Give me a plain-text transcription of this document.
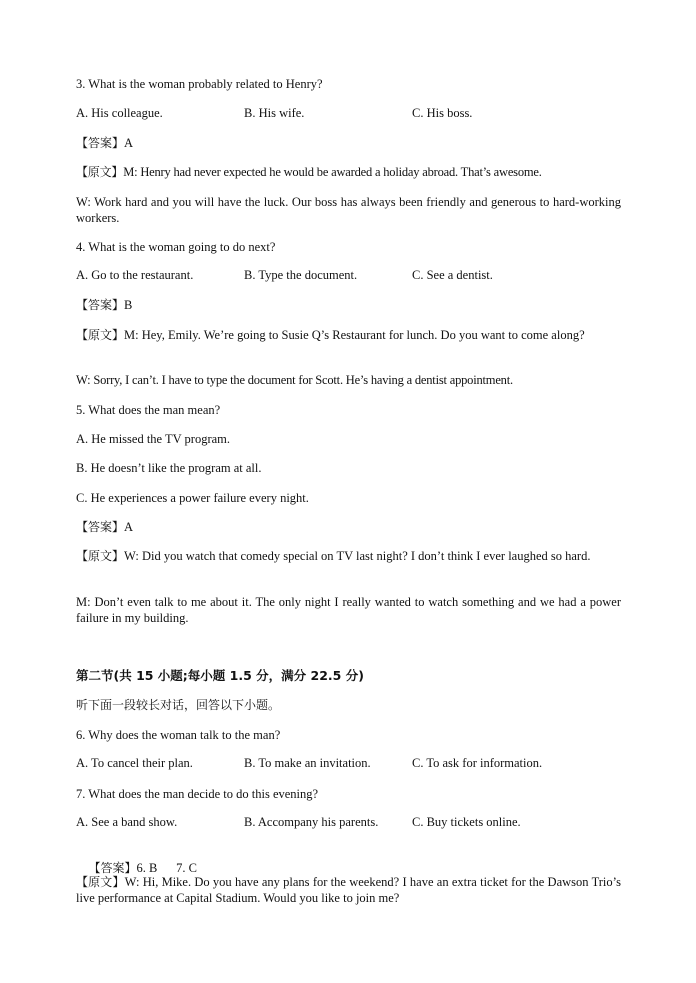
3. What is the woman probably related to Henry?
A. His colleague.	B. His wife.	C. His boss.
【答案】A
【原文】M: Henry had never expected he would be awarded a holiday abroad. That’s awesome.
W: Work hard and you will have the luck. Our boss has always been friendly and generous to hard-working workers.
4. What is the woman going to do next?
A. Go to the restaurant.	B. Type the document.	C. See a dentist.
【答案】B
【原文】M: Hey, Emily. We’re going to Susie Q’s Restaurant for lunch. Do you want to come along?
W: Sorry, I can’t. I have to type the document for Scott. He’s having a dentist appointment.
5. What does the man mean?
A. He missed the TV program.
B. He doesn’t like the program at all.
C. He experiences a power failure every night.
【答案】A
【原文】W: Did you watch that comedy special on TV last night? I don’t think I ever laughed so hard.
M: Don’t even talk to me about it. The only night I really wanted to watch something and we had a power failure in my building.
第二节(共 15 小题;每小题 1.5 分，满分 22.5 分)
听下面一段较长对话，回答以下小题。
6. Why does the woman talk to the man?
A. To cancel their plan.	B. To make an invitation.	C. To ask for information.
7. What does the man decide to do this evening?
A. See a band show.	B. Accompany his parents.	C. Buy tickets online.

【答案】6. B      7. C

【原文】W: Hi, Mike. Do you have any plans for the weekend? I have an extra ticket for the Dawson Trio’s live performance at Capital Stadium. Would you like to join me?
